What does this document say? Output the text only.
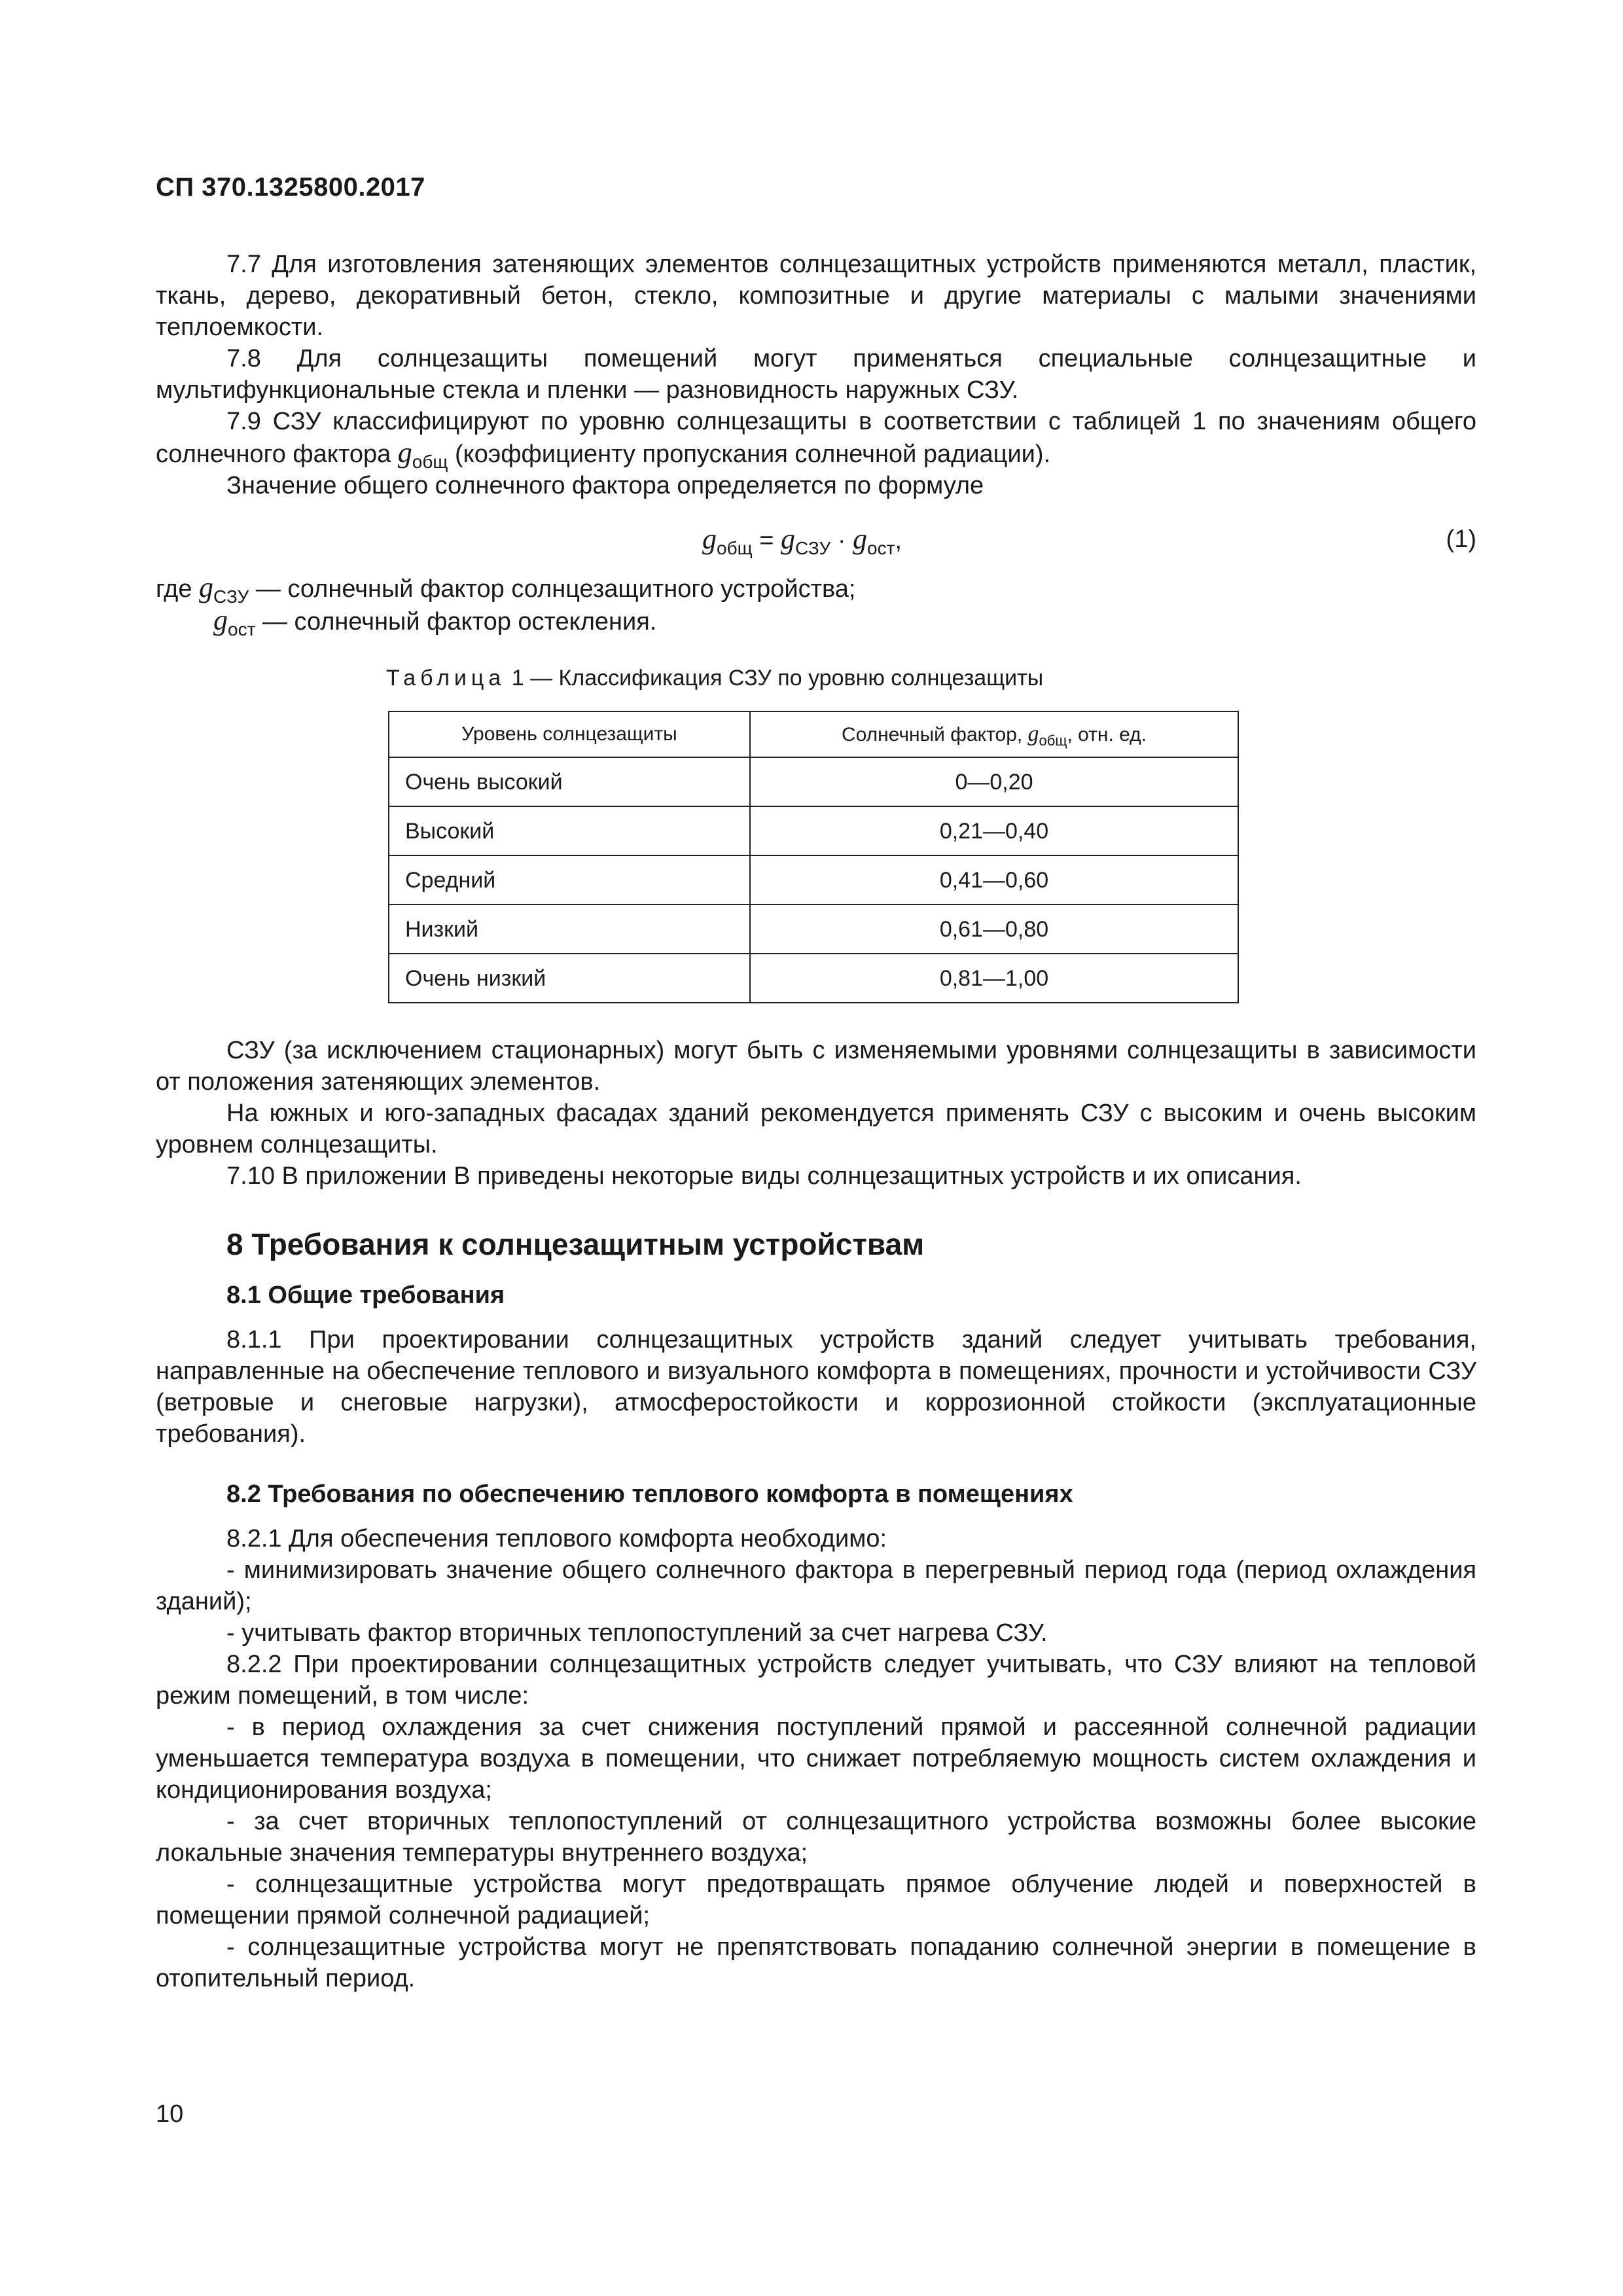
СП 370.1325800.2017

7.7 Для изготовления затеняющих элементов солнцезащитных устройств применяются металл, пластик, ткань, дерево, декоративный бетон, стекло, композитные и другие материалы с малыми значениями теплоемкости.

7.8 Для солнцезащиты помещений могут применяться специальные солнцезащитные и мультифункциональные стекла и пленки — разновидность наружных СЗУ.

7.9 СЗУ классифицируют по уровню солнцезащиты в соответствии с таблицей 1 по значениям общего солнечного фактора $g_{общ}$ (коэффициенту пропускания солнечной радиации).

Значение общего солнечного фактора определяется по формуле

$g_{общ} = g_{СЗУ} \cdot g_{ост}$,	(1)
где $g_{СЗУ}$ — солнечный фактор солнцезащитного устройства;
$g_{ост}$ — солнечный фактор остекления.
Таблица 1 — Классификация СЗУ по уровню солнцезащиты
Уровень солнцезащиты	Солнечный фактор, $g_{общ}$, отн. ед.
Очень высокий	0—0,20
Высокий	0,21—0,40
Средний	0,41—0,60
Низкий	0,61—0,80
Очень низкий	0,81—1,00

СЗУ (за исключением стационарных) могут быть с изменяемыми уровнями солнцезащиты в зависимости от положения затеняющих элементов.

На южных и юго-западных фасадах зданий рекомендуется применять СЗУ с высоким и очень высоким уровнем солнцезащиты.

7.10 В приложении В приведены некоторые виды солнцезащитных устройств и их описания.

8 Требования к солнцезащитным устройствам
8.1 Общие требования

8.1.1 При проектировании солнцезащитных устройств зданий следует учитывать требования, направленные на обеспечение теплового и визуального комфорта в помещениях, прочности и устойчивости СЗУ (ветровые и снеговые нагрузки), атмосферостойкости и коррозионной стойкости (эксплуатационные требования).

8.2 Требования по обеспечению теплового комфорта в помещениях

8.2.1 Для обеспечения теплового комфорта необходимо:

- минимизировать значение общего солнечного фактора в перегревный период года (период охлаждения зданий);

- учитывать фактор вторичных теплопоступлений за счет нагрева СЗУ.

8.2.2 При проектировании солнцезащитных устройств следует учитывать, что СЗУ влияют на тепловой режим помещений, в том числе:

- в период охлаждения за счет снижения поступлений прямой и рассеянной солнечной радиации уменьшается температура воздуха в помещении, что снижает потребляемую мощность систем охлаждения и кондиционирования воздуха;

- за счет вторичных теплопоступлений от солнцезащитного устройства возможны более высокие локальные значения температуры внутреннего воздуха;

- солнцезащитные устройства могут предотвращать прямое облучение людей и поверхностей в помещении прямой солнечной радиацией;

- солнцезащитные устройства могут не препятствовать попаданию солнечной энергии в помещение в отопительный период.

10
